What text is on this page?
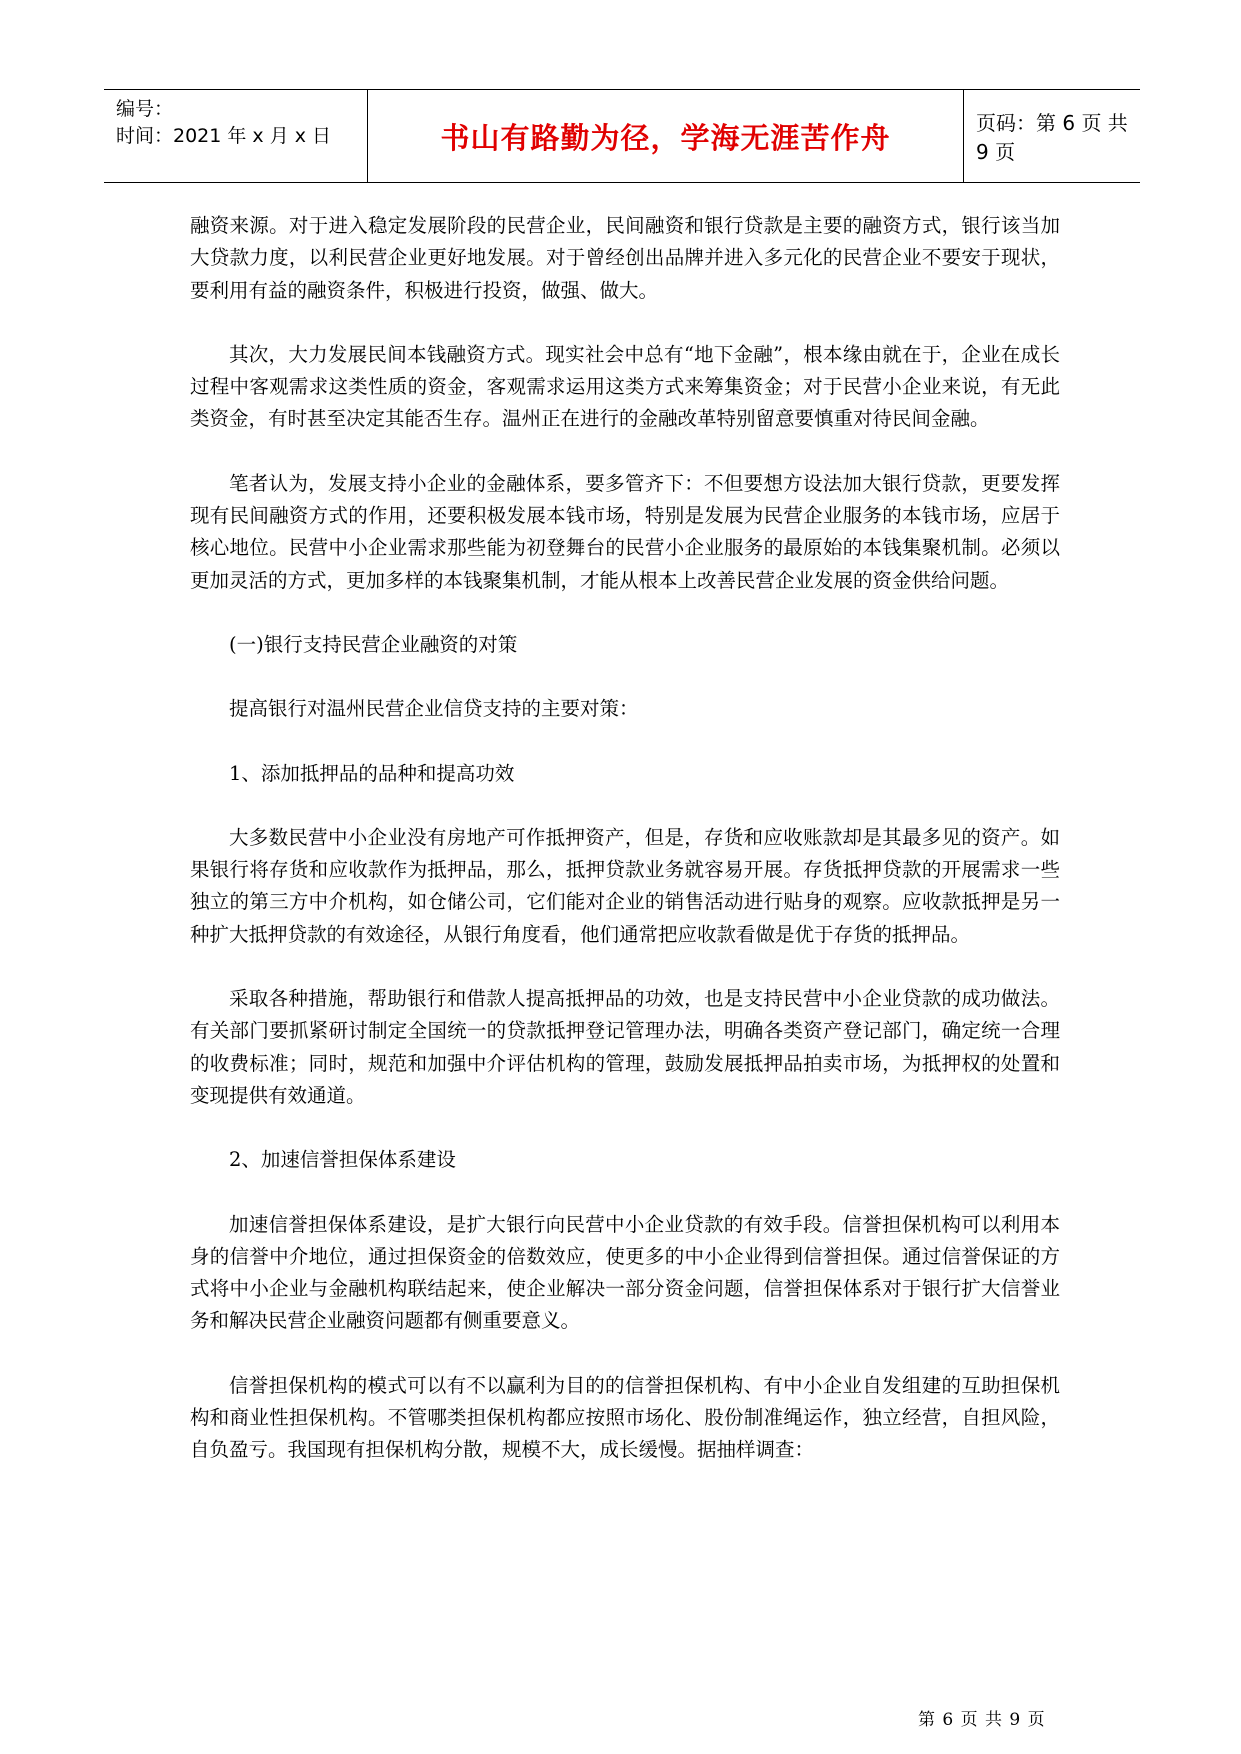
编号：
时间：2021 年 x 月 x 日	书山有路勤为径，学海无涯苦作舟	页码：第 6 页 共 9 页

融资来源。对于进入稳定发展阶段的民营企业，民间融资和银行贷款是主要的融资方式，银行该当加大贷款力度，以利民营企业更好地发展。对于曾经创出品牌并进入多元化的民营企业不要安于现状，要利用有益的融资条件，积极进行投资，做强、做大。

其次，大力发展民间本钱融资方式。现实社会中总有“地下金融”，根本缘由就在于，企业在成长过程中客观需求这类性质的资金，客观需求运用这类方式来筹集资金；对于民营小企业来说，有无此类资金，有时甚至决定其能否生存。温州正在进行的金融改革特别留意要慎重对待民间金融。

笔者认为，发展支持小企业的金融体系，要多管齐下：不但要想方设法加大银行贷款，更要发挥现有民间融资方式的作用，还要积极发展本钱市场，特别是发展为民营企业服务的本钱市场，应居于核心地位。民营中小企业需求那些能为初登舞台的民营小企业服务的最原始的本钱集聚机制。必须以更加灵活的方式，更加多样的本钱聚集机制，才能从根本上改善民营企业发展的资金供给问题。

(一)银行支持民营企业融资的对策

提高银行对温州民营企业信贷支持的主要对策：

1、添加抵押品的品种和提高功效

大多数民营中小企业没有房地产可作抵押资产，但是，存货和应收账款却是其最多见的资产。如果银行将存货和应收款作为抵押品，那么，抵押贷款业务就容易开展。存货抵押贷款的开展需求一些独立的第三方中介机构，如仓储公司，它们能对企业的销售活动进行贴身的观察。应收款抵押是另一种扩大抵押贷款的有效途径，从银行角度看，他们通常把应收款看做是优于存货的抵押品。

采取各种措施，帮助银行和借款人提高抵押品的功效，也是支持民营中小企业贷款的成功做法。有关部门要抓紧研讨制定全国统一的贷款抵押登记管理办法，明确各类资产登记部门，确定统一合理的收费标准；同时，规范和加强中介评估机构的管理，鼓励发展抵押品拍卖市场，为抵押权的处置和变现提供有效通道。

2、加速信誉担保体系建设

加速信誉担保体系建设，是扩大银行向民营中小企业贷款的有效手段。信誉担保机构可以利用本身的信誉中介地位，通过担保资金的倍数效应，使更多的中小企业得到信誉担保。通过信誉保证的方式将中小企业与金融机构联结起来，使企业解决一部分资金问题，信誉担保体系对于银行扩大信誉业务和解决民营企业融资问题都有侧重要意义。

信誉担保机构的模式可以有不以赢利为目的的信誉担保机构、有中小企业自发组建的互助担保机构和商业性担保机构。不管哪类担保机构都应按照市场化、股份制准绳运作，独立经营，自担风险，自负盈亏。我国现有担保机构分散，规模不大，成长缓慢。据抽样调查：

第 6 页 共 9 页
